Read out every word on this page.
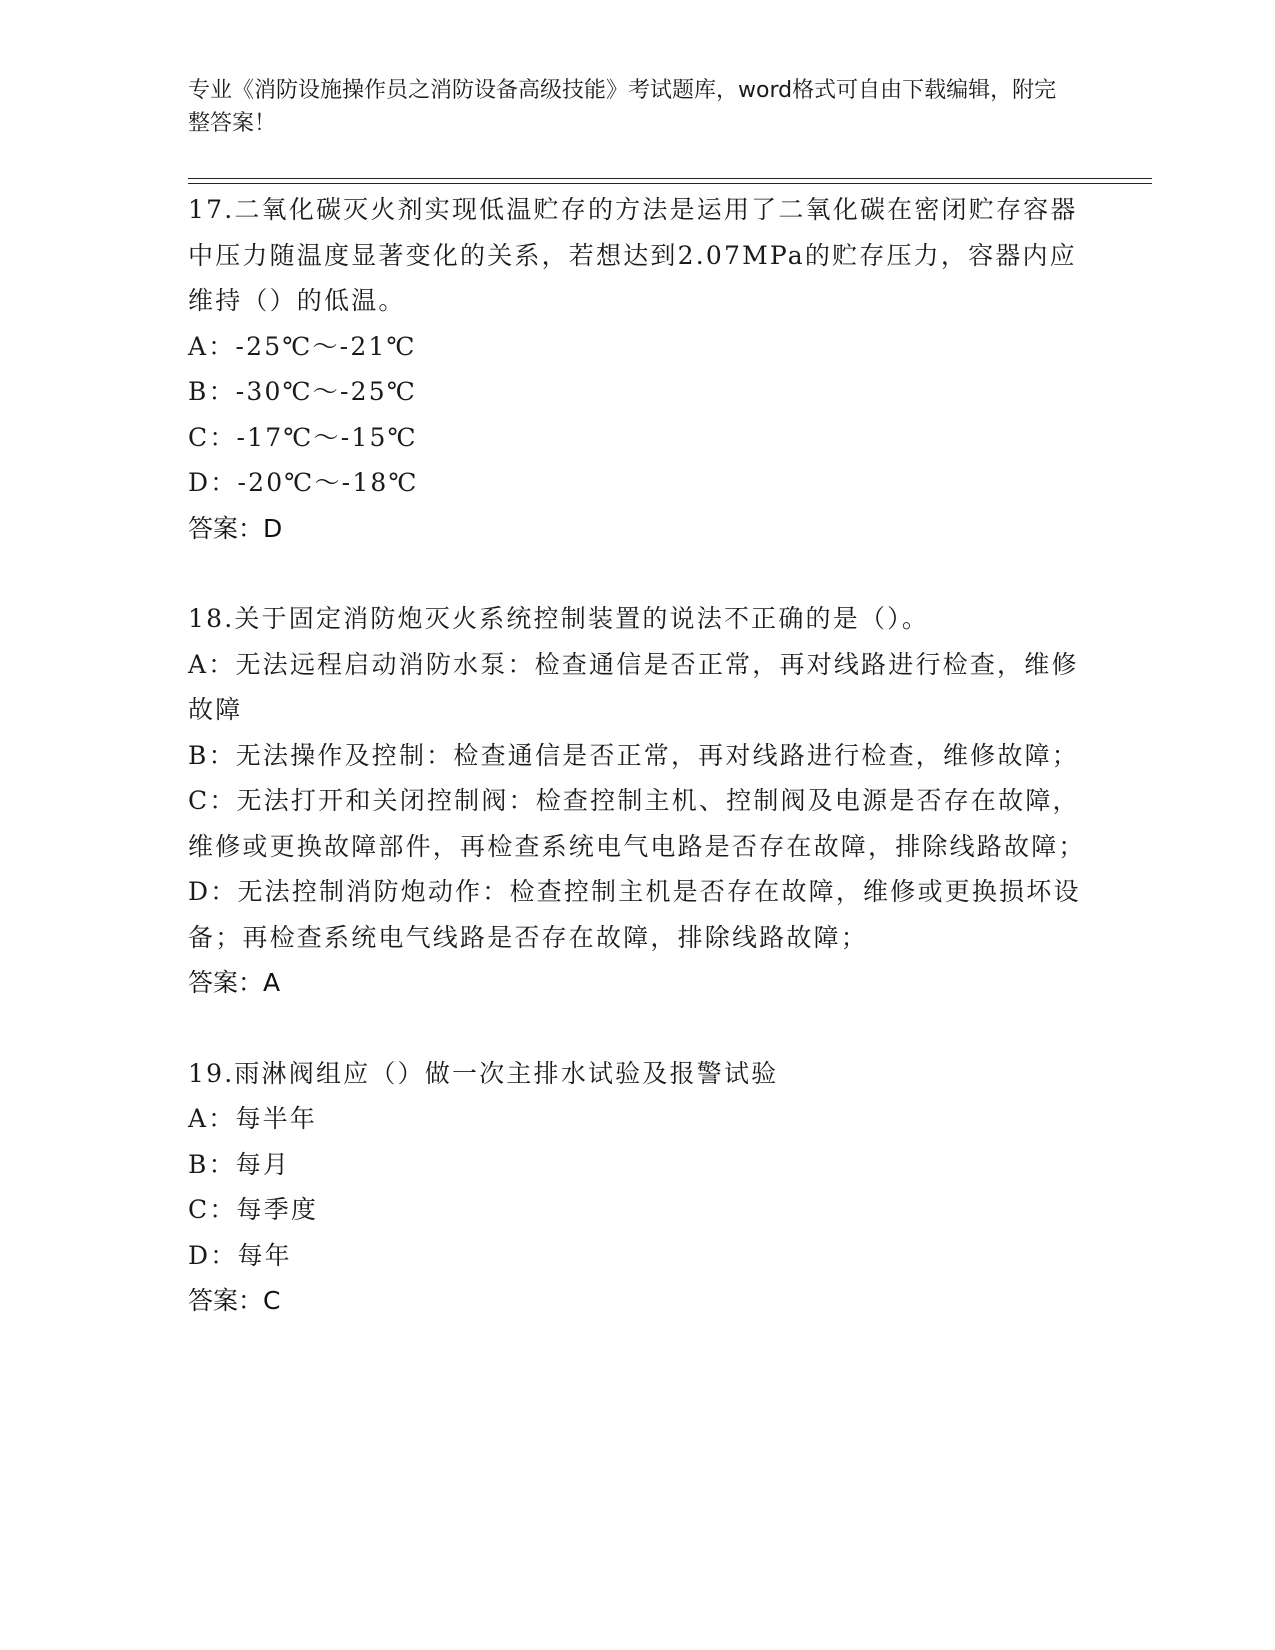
专业《消防设施操作员之消防设备高级技能》考试题库，word格式可自由下载编辑，附完整答案！

17.二氧化碳灭火剂实现低温贮存的方法是运用了二氧化碳在密闭贮存容器中压力随温度显著变化的关系，若想达到2.07MPa的贮存压力，容器内应维持（）的低温。

A：-25℃～-21℃

B：-30℃～-25℃

C：-17℃～-15℃

D：-20℃～-18℃

答案：D

18.关于固定消防炮灭火系统控制装置的说法不正确的是（）。

A：无法远程启动消防水泵：检查通信是否正常，再对线路进行检查，维修故障

B：无法操作及控制：检查通信是否正常，再对线路进行检查，维修故障；

C：无法打开和关闭控制阀：检查控制主机、控制阀及电源是否存在故障，维修或更换故障部件，再检查系统电气电路是否存在故障，排除线路故障；

D：无法控制消防炮动作：检查控制主机是否存在故障，维修或更换损坏设备；再检查系统电气线路是否存在故障，排除线路故障；

答案：A

19.雨淋阀组应（）做一次主排水试验及报警试验

A：每半年

B：每月

C：每季度

D：每年

答案：C
